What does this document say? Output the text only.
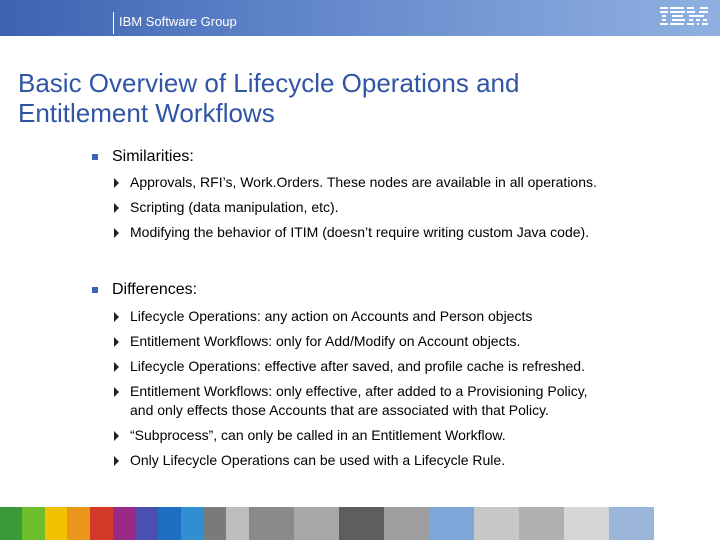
IBM Software Group
Basic Overview of Lifecycle Operations and
Entitlement Workflows
Similarities:
Approvals, RFI’s, Work.Orders. These nodes are available in all operations.
Scripting (data manipulation, etc).
Modifying the behavior of ITIM (doesn’t require writing custom Java code).
Differences:
Lifecycle Operations: any action on Accounts and Person objects
Entitlement Workflows: only for Add/Modify on Account objects.
Lifecycle Operations: effective after saved, and profile cache is refreshed.
Entitlement Workflows: only effective, after added to a Provisioning Policy,
and only effects those Accounts that are associated with that Policy.
“Subprocess”, can only be called in an Entitlement Workflow.
Only Lifecycle Operations can be used with a Lifecycle Rule.
